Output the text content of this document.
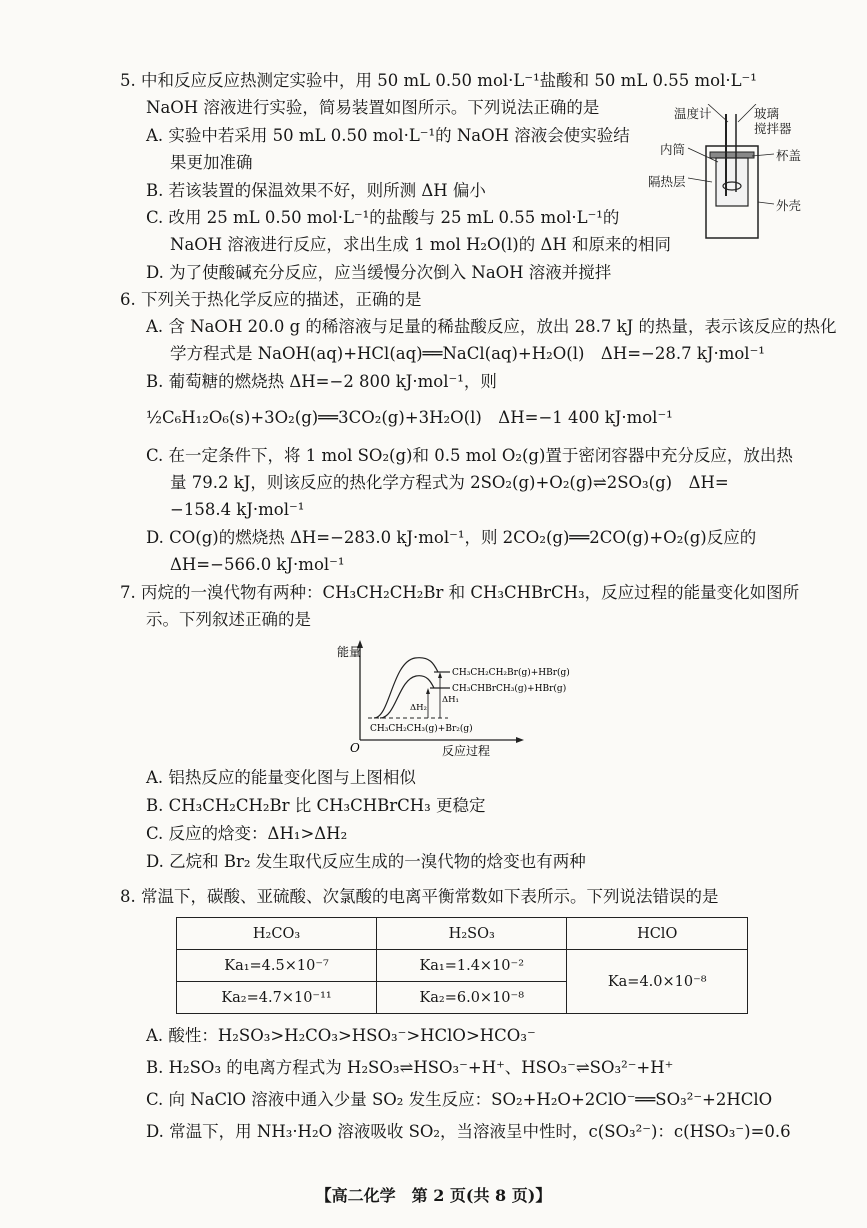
5. 中和反应反应热测定实验中，用 50 mL 0.50 mol·L⁻¹盐酸和 50 mL 0.55 mol·L⁻¹
NaOH 溶液进行实验，简易装置如图所示。下列说法正确的是
A. 实验中若采用 50 mL 0.50 mol·L⁻¹的 NaOH 溶液会使实验结
果更加准确
B. 若该装置的保温效果不好，则所测 ΔH 偏小
C. 改用 25 mL 0.50 mol·L⁻¹的盐酸与 25 mL 0.55 mol·L⁻¹的
NaOH 溶液进行反应，求出生成 1 mol H₂O(l)的 ΔH 和原来的相同
D. 为了使酸碱充分反应，应当缓慢分次倒入 NaOH 溶液并搅拌
温度计	玻璃
搅拌器
内筒	杯盖
隔热层
外壳
6. 下列关于热化学反应的描述，正确的是
A. 含 NaOH 20.0 g 的稀溶液与足量的稀盐酸反应，放出 28.7 kJ 的热量，表示该反应的热化
学方程式是 NaOH(aq)+HCl(aq)══NaCl(aq)+H₂O(l)　ΔH=−28.7 kJ·mol⁻¹
B. 葡萄糖的燃烧热 ΔH=−2 800 kJ·mol⁻¹，则
½C₆H₁₂O₆(s)+3O₂(g)══3CO₂(g)+3H₂O(l)　ΔH=−1 400 kJ·mol⁻¹
C. 在一定条件下，将 1 mol SO₂(g)和 0.5 mol O₂(g)置于密闭容器中充分反应，放出热
量 79.2 kJ，则该反应的热化学方程式为 2SO₂(g)+O₂(g)⇌2SO₃(g)　ΔH=
−158.4 kJ·mol⁻¹
D. CO(g)的燃烧热 ΔH=−283.0 kJ·mol⁻¹，则 2CO₂(g)══2CO(g)+O₂(g)反应的
ΔH=−566.0 kJ·mol⁻¹
7. 丙烷的一溴代物有两种：CH₃CH₂CH₂Br 和 CH₃CHBrCH₃，反应过程的能量变化如图所
示。下列叙述正确的是
能量
O	反应过程
CH₃CH₂CH₃(g)+Br₂(g)
CH₃CH₂CH₂Br(g)+HBr(g)
CH₃CHBrCH₃(g)+HBr(g)
ΔH₁
ΔH₂
A. 铝热反应的能量变化图与上图相似
B. CH₃CH₂CH₂Br 比 CH₃CHBrCH₃ 更稳定
C. 反应的焓变：ΔH₁>ΔH₂
D. 乙烷和 Br₂ 发生取代反应生成的一溴代物的焓变也有两种
8. 常温下，碳酸、亚硫酸、次氯酸的电离平衡常数如下表所示。下列说法错误的是
H₂CO₃	H₂SO₃	HClO
Ka₁=4.5×10⁻⁷	Ka₁=1.4×10⁻²	Ka=4.0×10⁻⁸
Ka₂=4.7×10⁻¹¹	Ka₂=6.0×10⁻⁸	
A. 酸性：H₂SO₃>H₂CO₃>HSO₃⁻>HClO>HCO₃⁻
B. H₂SO₃ 的电离方程式为 H₂SO₃⇌HSO₃⁻+H⁺、HSO₃⁻⇌SO₃²⁻+H⁺
C. 向 NaClO 溶液中通入少量 SO₂ 发生反应：SO₂+H₂O+2ClO⁻══SO₃²⁻+2HClO
D. 常温下，用 NH₃·H₂O 溶液吸收 SO₂，当溶液呈中性时，c(SO₃²⁻)：c(HSO₃⁻)=0.6
【高二化学　第 2 页(共 8 页)】
